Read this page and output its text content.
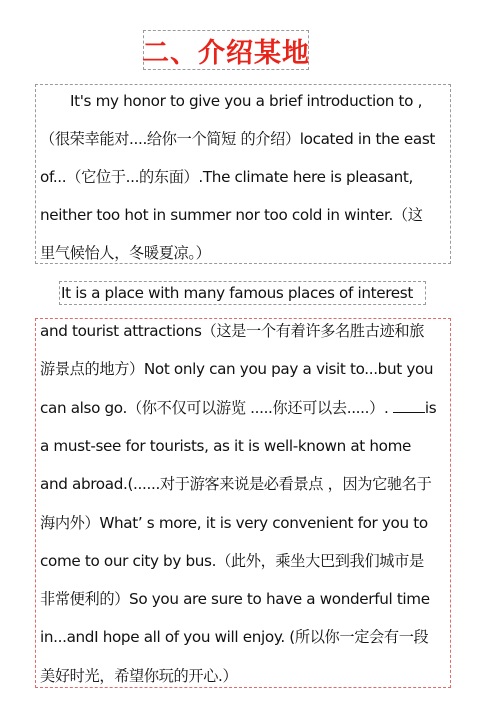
二、介绍某地
It's my honor to give you a brief introduction to ,
（很荣幸能对....给你一个简短 的介绍）located in the east
of...（它位于...的东面）.The climate here is pleasant,
neither too hot in summer nor too cold in winter.（这
里气候怡人，冬暖夏凉。）
It is a place with many famous places of interest
and tourist attractions（这是一个有着许多名胜古迹和旅
游景点的地方）Not only can you pay a visit to...but you
can also go.（你不仅可以游览 .....你还可以去.....）. is
a must-see for tourists, as it is well-known at home
and abroad.(......对于游客来说是必看景点 ，因为它驰名于
海内外）What’ s more, it is very convenient for you to
come to our city by bus.（此外，乘坐大巴到我们城市是
非常便利的）So you are sure to have a wonderful time
in...andI hope all of you will enjoy. (所以你一定会有一段
美好时光，希望你玩的开心.）
